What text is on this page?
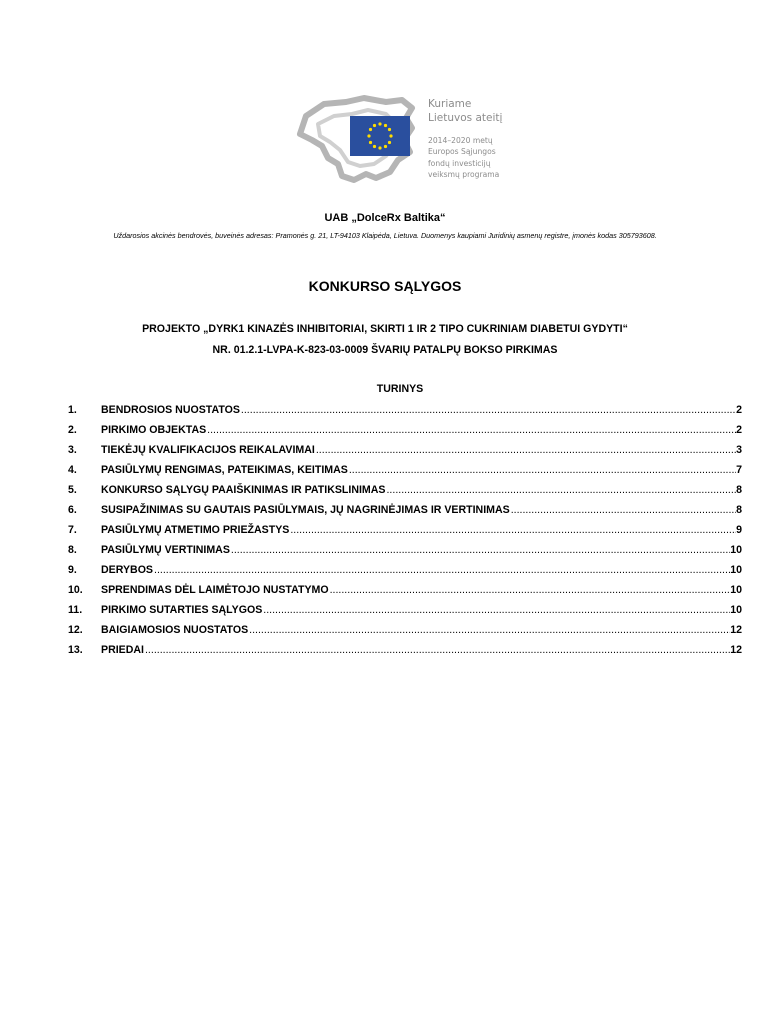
Kuriame
Lietuvos ateitį
2014–2020 metų
Europos Sąjungos
fondų investicijų
veiksmų programa
UAB „DolceRx Baltika“
Uždarosios akcinės bendrovės, buveinės adresas: Pramonės g. 21, LT-94103 Klaipėda, Lietuva. Duomenys kaupiami Juridinių asmenų registre, įmonės kodas 305793608.
KONKURSO SĄLYGOS
PROJEKTO „DYRK1 KINAZĖS INHIBITORIAI, SKIRTI 1 IR 2 TIPO CUKRINIAM DIABETUI GYDYTI“
NR. 01.2.1-LVPA-K-823-03-0009 ŠVARIŲ PATALPŲ BOKSO PIRKIMAS
TURINYS
1.	BENDROSIOS NUOSTATOS .....	2
2.	PIRKIMO OBJEKTAS .....	2
3.	TIEKĖJŲ KVALIFIKACIJOS REIKALAVIMAI .....	3
4.	PASIŪLYMŲ RENGIMAS, PATEIKIMAS, KEITIMAS .....	7
5.	KONKURSO SĄLYGŲ PAAIŠKINIMAS IR PATIKSLINIMAS .....	8
6.	SUSIPAŽINIMAS SU GAUTAIS PASIŪLYMAIS, JŲ NAGRINĖJIMAS IR VERTINIMAS .....	8
7.	PASIŪLYMŲ ATMETIMO PRIEŽASTYS .....	9
8.	PASIŪLYMŲ VERTINIMAS .....	10
9.	DERYBOS .....	10
10.	SPRENDIMAS DĖL LAIMĖTOJO NUSTATYMO .....	10
11.	PIRKIMO SUTARTIES SĄLYGOS .....	10
12.	BAIGIAMOSIOS NUOSTATOS .....	12
13.	PRIEDAI .....	12
